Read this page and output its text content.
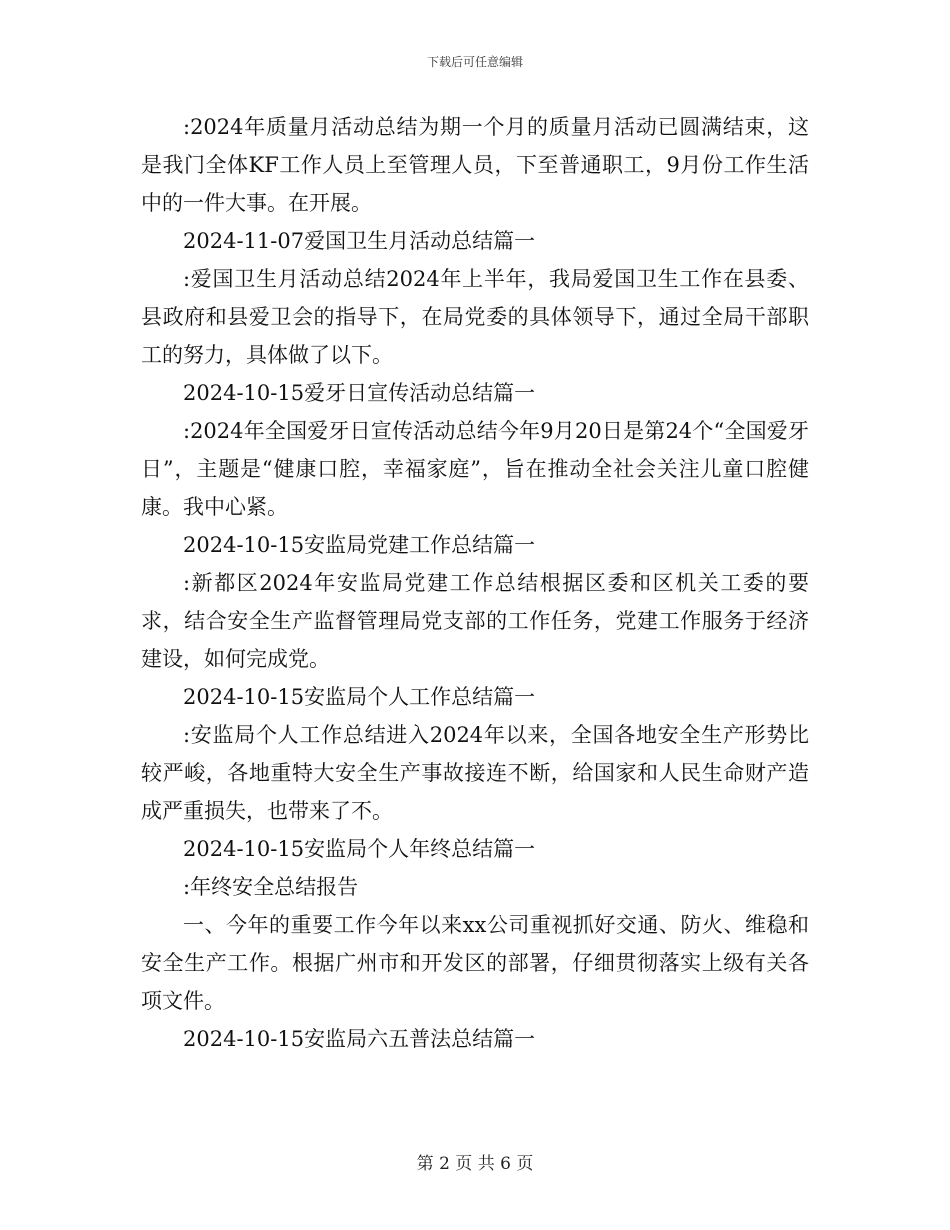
下载后可任意编辑

:2024年质量月活动总结为期一个月的质量月活动已圆满结束，这是我门全体KF工作人员上至管理人员，下至普通职工，9月份工作生活中的一件大事。在开展。

2024-11-07爱国卫生月活动总结篇一

:爱国卫生月活动总结2024年上半年，我局爱国卫生工作在县委、县政府和县爱卫会的指导下，在局党委的具体领导下，通过全局干部职工的努力，具体做了以下。

2024-10-15爱牙日宣传活动总结篇一

:2024年全国爱牙日宣传活动总结今年9月20日是第24个“全国爱牙日”，主题是“健康口腔，幸福家庭”，旨在推动全社会关注儿童口腔健康。我中心紧。

2024-10-15安监局党建工作总结篇一

:新都区2024年安监局党建工作总结根据区委和区机关工委的要求，结合安全生产监督管理局党支部的工作任务，党建工作服务于经济建设，如何完成党。

2024-10-15安监局个人工作总结篇一

:安监局个人工作总结进入2024年以来，全国各地安全生产形势比较严峻，各地重特大安全生产事故接连不断，给国家和人民生命财产造成严重损失，也带来了不。

2024-10-15安监局个人年终总结篇一

:年终安全总结报告

一、今年的重要工作今年以来xx公司重视抓好交通、防火、维稳和安全生产工作。根据广州市和开发区的部署，仔细贯彻落实上级有关各项文件。

2024-10-15安监局六五普法总结篇一

第 2 页 共 6 页
